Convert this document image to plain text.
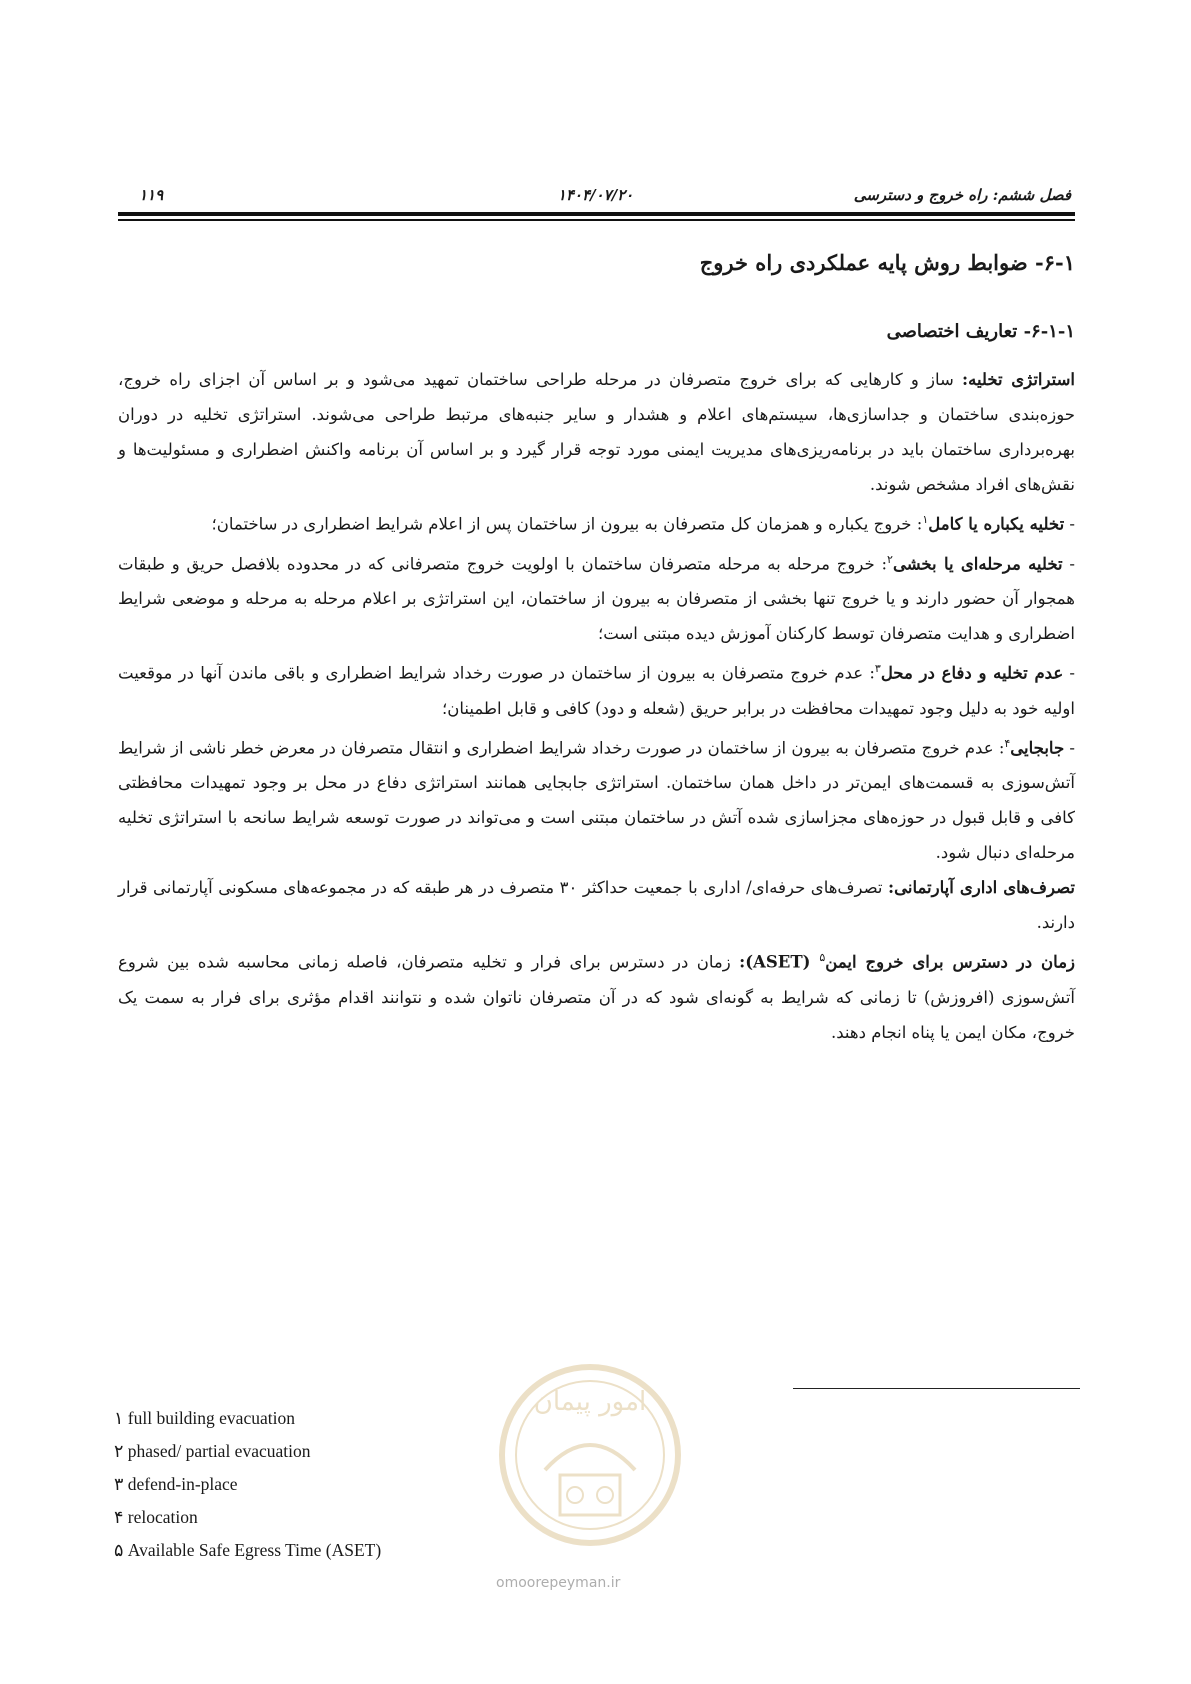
فصل ششم: راه خروج و دسترسی
۱۴۰۴/۰۷/۲۰
۱۱۹
۶-۱- ضوابط روش پایه عملکردی راه خروج
۶-۱-۱- تعاریف اختصاصی

استراتژی تخلیه: ساز و کارهایی که برای خروج متصرفان در مرحله طراحی ساختمان تمهید می‌شود و بر اساس آن اجزای راه خروج، حوزه‌بندی ساختمان و جداسازی‌ها، سیستم‌های اعلام و هشدار و سایر جنبه‌های مرتبط طراحی می‌شوند. استراتژی تخلیه در دوران بهره‌برداری ساختمان باید در برنامه‌ریزی‌های مدیریت ایمنی مورد توجه قرار گیرد و بر اساس آن برنامه واکنش اضطراری و مسئولیت‌ها و نقش‌های افراد مشخص شوند.

- تخلیه یکباره یا کامل$^۱$: خروج یکباره و همزمان کل متصرفان به بیرون از ساختمان پس از اعلام شرایط اضطراری در ساختمان؛

- تخلیه مرحله‌ای یا بخشی$^۲$: خروج مرحله به مرحله متصرفان ساختمان با اولویت خروج متصرفانی که در محدوده بلافصل حریق و طبقات همجوار آن حضور دارند و یا خروج تنها بخشی از متصرفان به بیرون از ساختمان، این استراتژی بر اعلام مرحله به مرحله و موضعی شرایط اضطراری و هدایت متصرفان توسط کارکنان آموزش دیده مبتنی است؛

- عدم تخلیه و دفاع در محل$^۳$: عدم خروج متصرفان به بیرون از ساختمان در صورت رخداد شرایط اضطراری و باقی ماندن آنها در موقعیت اولیه خود به دلیل وجود تمهیدات محافظت در برابر حریق (شعله و دود) کافی و قابل اطمینان؛

- جابجایی$^۴$: عدم خروج متصرفان به بیرون از ساختمان در صورت رخداد شرایط اضطراری و انتقال متصرفان در معرض خطر ناشی از شرایط آتش‌سوزی به قسمت‌های ایمن‌تر در داخل همان ساختمان. استراتژی جابجایی همانند استراتژی دفاع در محل بر وجود تمهیدات محافظتی کافی و قابل قبول در حوزه‌های مجزاسازی شده آتش در ساختمان مبتنی است و می‌تواند در صورت توسعه شرایط سانحه با استراتژی تخلیه مرحله‌ای دنبال شود.

تصرف‌های اداری آپارتمانی: تصرف‌های حرفه‌ای/ اداری با جمعیت حداکثر ۳۰ متصرف در هر طبقه که در مجموعه‌های مسکونی آپارتمانی قرار دارند.

زمان در دسترس برای خروج ایمن$^۵$ (ASET): زمان در دسترس برای فرار و تخلیه متصرفان، فاصله زمانی محاسبه شده بین شروع آتش‌سوزی (افروزش) تا زمانی که شرایط به گونه‌ای شود که در آن متصرفان ناتوان شده و نتوانند اقدام مؤثری برای فرار به سمت یک خروج، مکان ایمن یا پناه انجام دهند.

امور پیمان
omoorepeyman.ir
۱ full building evacuation
۲ phased/ partial evacuation
۳ defend-in-place
۴ relocation
۵ Available Safe Egress Time (ASET)
